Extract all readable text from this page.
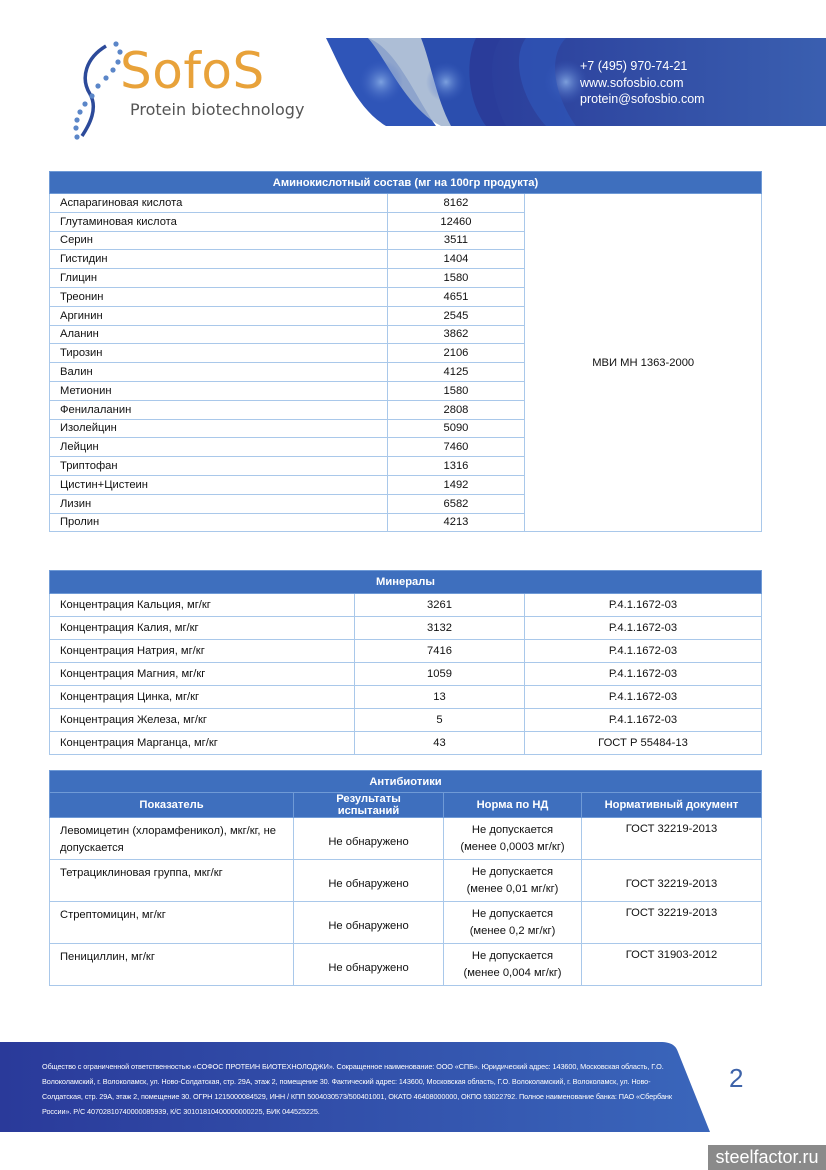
SofoS
Protein biotechnology
+7 (495) 970-74-21
www.sofosbio.com
protein@sofosbio.com
Аминокислотный состав (мг на 100гр продукта)		
Аспарагиновая кислота	8162	МВИ МН 1363-2000
Глутаминовая кислота	12460	
Серин	3511	
Гистидин	1404	
Глицин	1580	
Треонин	4651	
Аргинин	2545	
Аланин	3862	
Тирозин	2106	
Валин	4125	
Метионин	1580	
Фенилаланин	2808	
Изолейцин	5090	
Лейцин	7460	
Триптофан	1316	
Цистин+Цистеин	1492	
Лизин	6582	
Пролин	4213	
Минералы		
Концентрация Кальция, мг/кг	3261	Р.4.1.1672-03
Концентрация Калия, мг/кг	3132	Р.4.1.1672-03
Концентрация Натрия, мг/кг	7416	Р.4.1.1672-03
Концентрация Магния, мг/кг	1059	Р.4.1.1672-03
Концентрация Цинка, мг/кг	13	Р.4.1.1672-03
Концентрация Железа, мг/кг	5	Р.4.1.1672-03
Концентрация Марганца, мг/кг	43	ГОСТ Р 55484-13
Антибиотики			
Показатель	Результаты испытаний	Норма по НД	Нормативный документ
Левомицетин (хлорамфеникол), мкг/кг, не допускается	Не обнаружено	Не допускается
(менее 0,0003 мг/кг)	ГОСТ 32219-2013
Тетрациклиновая группа, мкг/кг	Не обнаружено	Не допускается
(менее 0,01 мг/кг)	ГОСТ 32219-2013
Стрептомицин, мг/кг	Не обнаружено	Не допускается
(менее 0,2 мг/кг)	ГОСТ 32219-2013
Пенициллин, мг/кг	Не обнаружено	Не допускается
(менее 0,004 мг/кг)	ГОСТ 31903-2012
Общество с ограниченной ответственностью «СОФОС ПРОТЕИН БИОТЕХНОЛОДЖИ». Сокращенное наименование: ООО «СПБ». Юридический адрес: 143600, Московская область, Г.О. Волоколамский, г. Волоколамск, ул. Ново-Солдатская, стр. 29А, этаж 2, помещение 30. Фактический адрес: 143600, Московская область, Г.О. Волоколамский, г. Волоколамск, ул. Ново-Солдатская, стр. 29А, этаж 2, помещение 30. ОГРН 1215000084529, ИНН / КПП 5004030573/500401001, ОКАТО 46408000000, ОКПО 53022792. Полное наименование банка: ПАО «Сбербанк России». Р/С 40702810740000085939, К/С 30101810400000000225, БИК 044525225.
2
steelfactor.ru
